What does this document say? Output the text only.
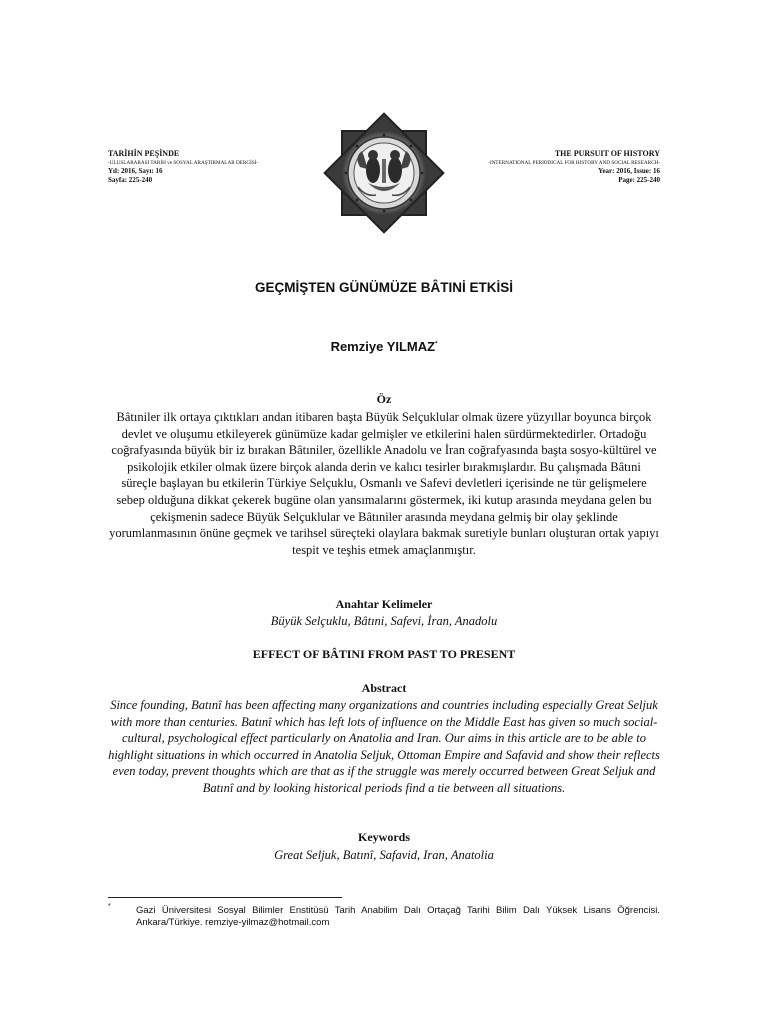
TARİHİN PEŞİNDE
-ULUSLARARASI TARİH ve SOSYAL ARAŞTIRMALAR DERGİSİ-
Yıl: 2016, Sayı: 16
Sayfa: 225-240
THE PURSUIT OF HISTORY
-INTERNATIONAL PERIODICAL FOR HISTORY AND SOCIAL RESEARCH-
Year: 2016, Issue: 16
Page: 225-240
GEÇMİŞTEN GÜNÜMÜZE BÂTINİ ETKİSİ
Remziye YILMAZ*
Öz
Bâtıniler ilk ortaya çıktıkları andan itibaren başta Büyük Selçuklular olmak üzere yüzyıllar boyunca birçok devlet ve oluşumu etkileyerek günümüze kadar gelmişler ve etkilerini halen sürdürmektedirler. Ortadoğu coğrafyasında büyük bir iz bırakan Bâtıniler, özellikle Anadolu ve İran coğrafyasında başta sosyo-kültürel ve psikolojik etkiler olmak üzere birçok alanda derin ve kalıcı tesirler bırakmışlardır. Bu çalışmada Bâtıni süreçle başlayan bu etkilerin Türkiye Selçuklu, Osmanlı ve Safevi devletleri içerisinde ne tür gelişmelere sebep olduğuna dikkat çekerek bugüne olan yansımalarını göstermek, iki kutup arasında meydana gelen bu çekişmenin sadece Büyük Selçuklular ve Bâtıniler arasında meydana gelmiş bir olay şeklinde yorumlanmasının önüne geçmek ve tarihsel süreçteki olaylara bakmak suretiyle bunları oluşturan ortak yapıyı tespit ve teşhis etmek amaçlanmıştır.
Anahtar Kelimeler
Büyük Selçuklu, Bâtıni, Safevi, İran, Anadolu
EFFECT OF BÂTINI FROM PAST TO PRESENT
Abstract
Since founding, Batınî has been affecting many organizations and countries including especially Great Seljuk with more than centuries. Batınî which has left lots of influence on the Middle East has given so much social-cultural, psychological effect particularly on Anatolia and Iran. Our aims in this article are to be able to highlight situations in which occurred in Anatolia Seljuk, Ottoman Empire and Safavid and show their reflects even today, prevent thoughts which are that as if the struggle was merely occurred between Great Seljuk and Batınî and by looking historical periods find a tie between all situations.
Keywords
Great Seljuk, Batınî, Safavid, Iran, Anatolia
*	Gazi Üniversitesi Sosyal Bilimler Enstitüsü Tarih Anabilim Dalı Ortaçağ Tarihi Bilim Dalı Yüksek Lisans Öğrencisi. Ankara/Türkiye. remziye-yilmaz@hotmail.com
